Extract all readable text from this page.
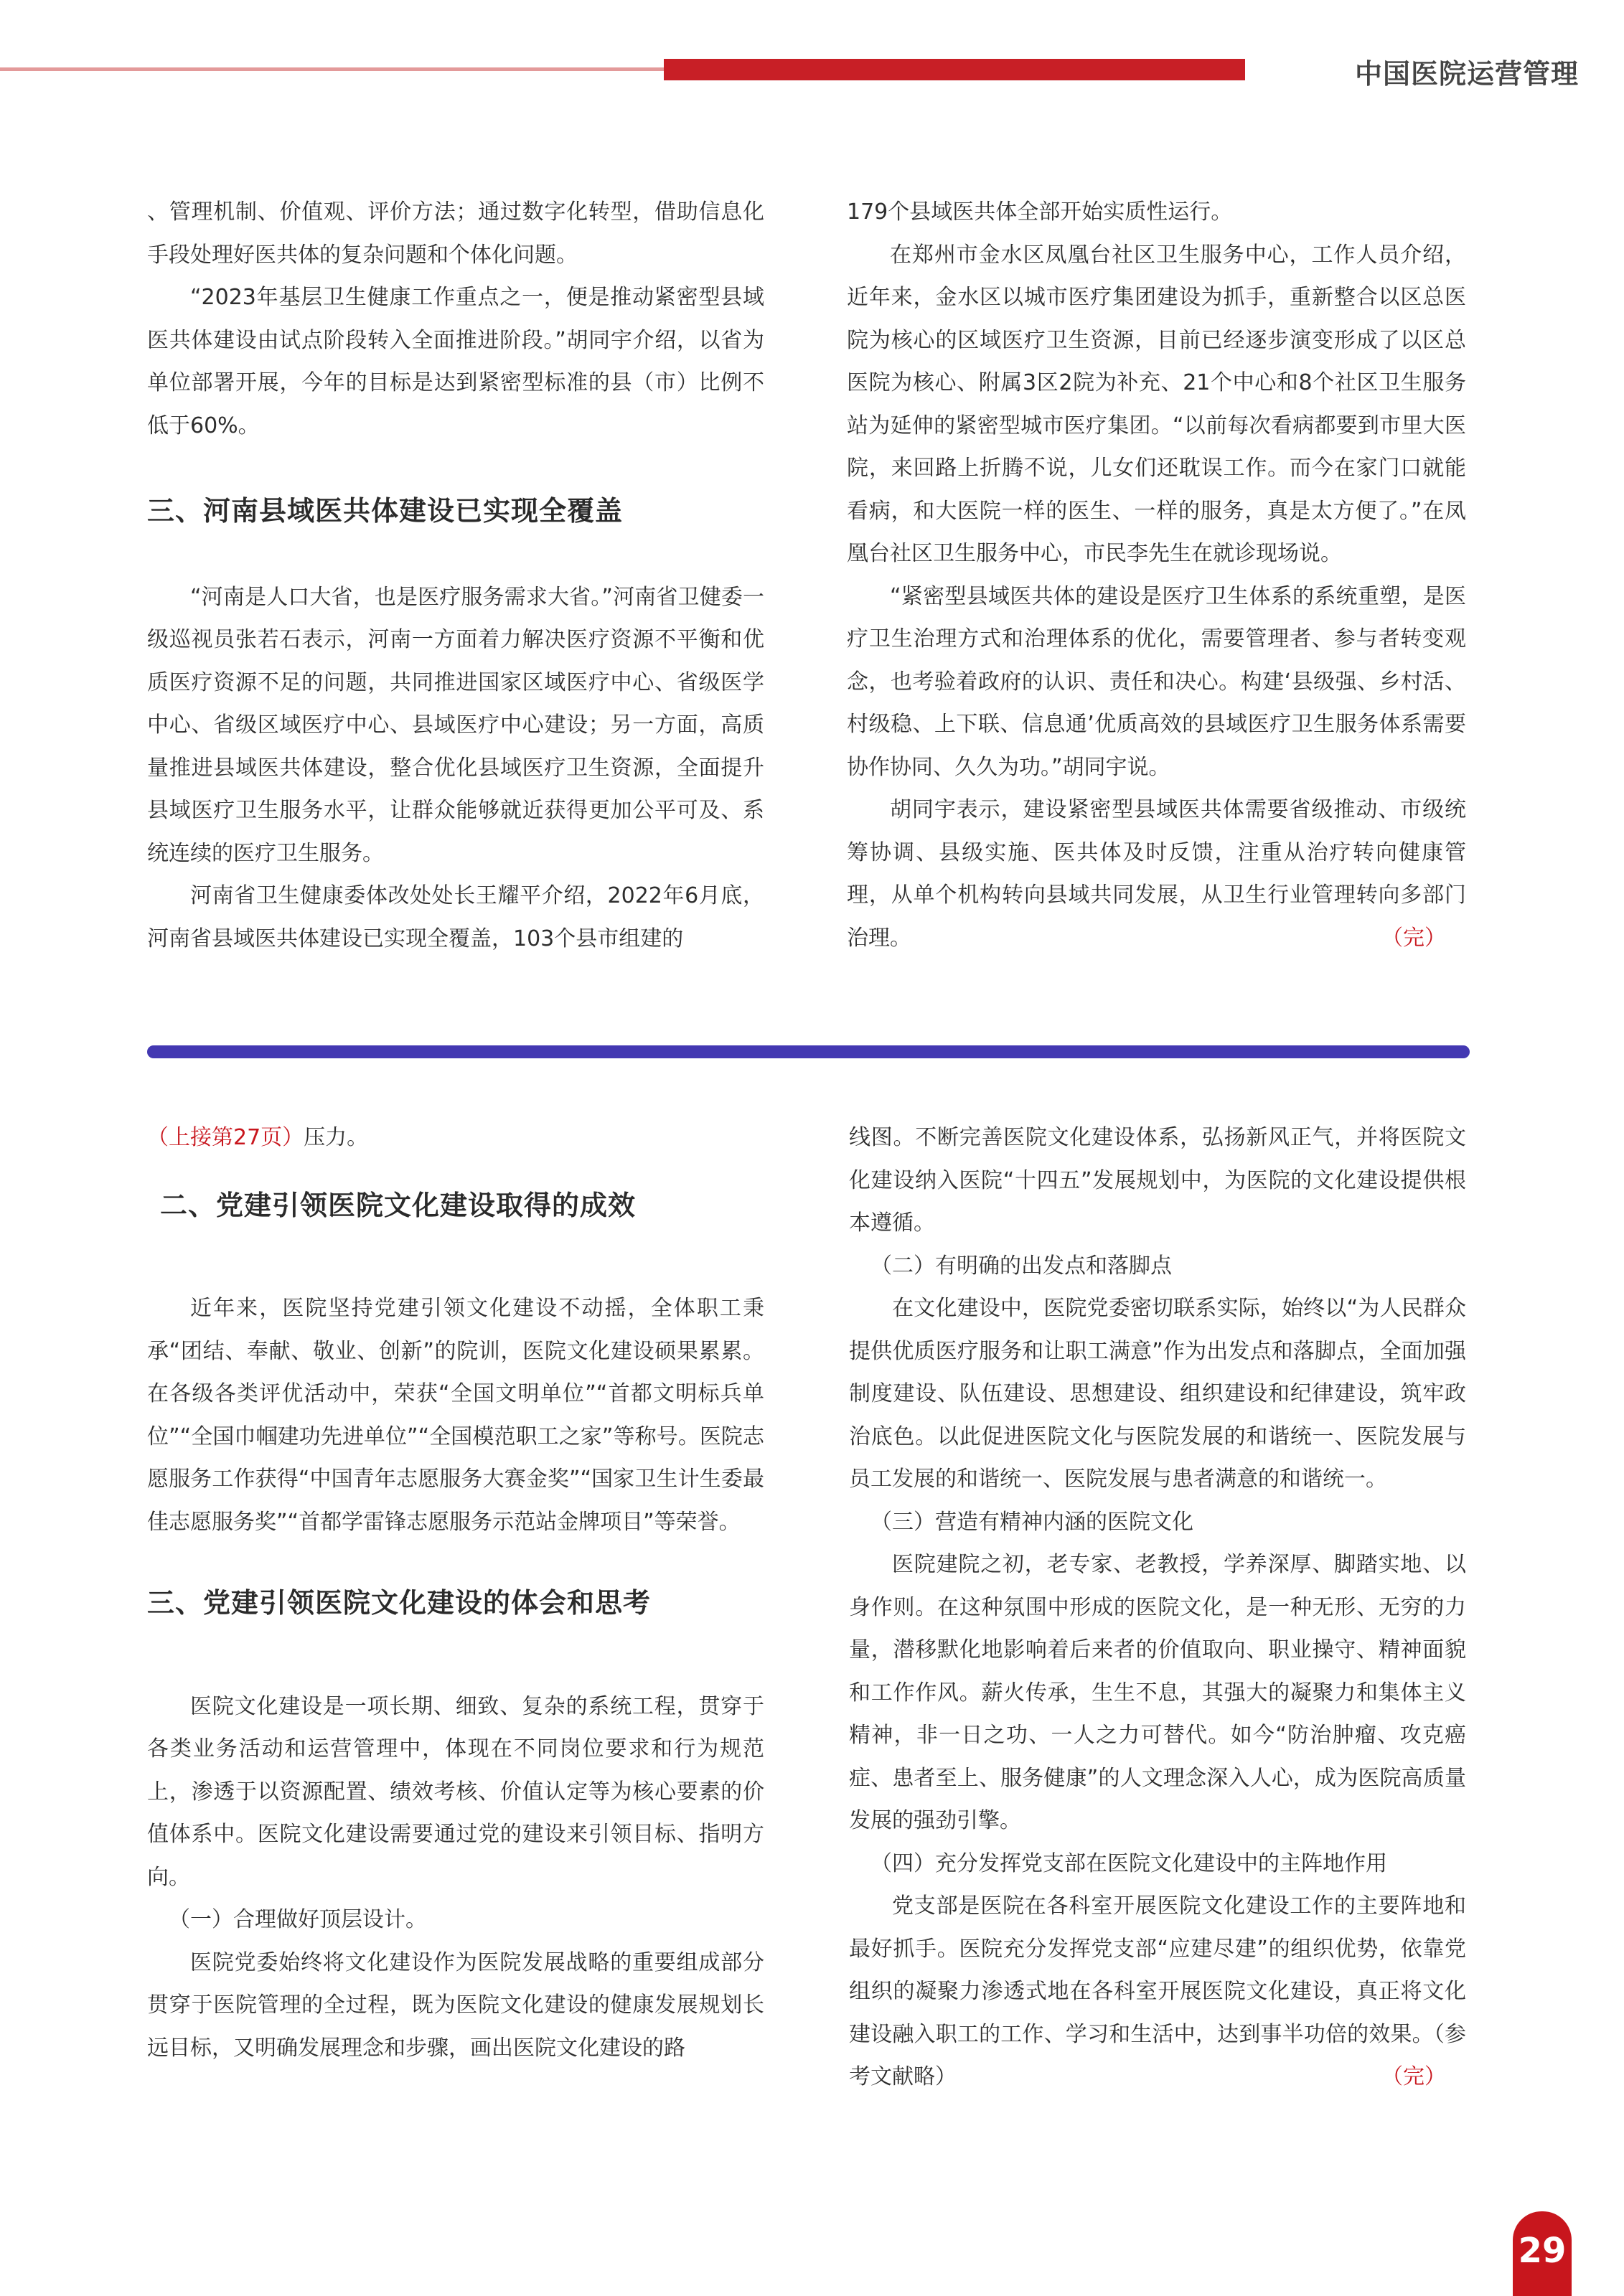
中国医院运营管理

、管理机制、价值观、评价方法；通过数字化转型，借助信息化手段处理好医共体的复杂问题和个体化问题。

“2023年基层卫生健康工作重点之一，便是推动紧密型县域医共体建设由试点阶段转入全面推进阶段。”胡同宇介绍，以省为单位部署开展，今年的目标是达到紧密型标准的县（市）比例不低于60%。

三、河南县域医共体建设已实现全覆盖

“河南是人口大省，也是医疗服务需求大省。”河南省卫健委一级巡视员张若石表示，河南一方面着力解决医疗资源不平衡和优质医疗资源不足的问题，共同推进国家区域医疗中心、省级医学中心、省级区域医疗中心、县域医疗中心建设；另一方面，高质量推进县域医共体建设，整合优化县域医疗卫生资源，全面提升县域医疗卫生服务水平，让群众能够就近获得更加公平可及、系统连续的医疗卫生服务。

河南省卫生健康委体改处处长王耀平介绍，2022年6月底，河南省县域医共体建设已实现全覆盖，103个县市组建的

179个县域医共体全部开始实质性运行。

在郑州市金水区凤凰台社区卫生服务中心，工作人员介绍，近年来，金水区以城市医疗集团建设为抓手，重新整合以区总医院为核心的区域医疗卫生资源，目前已经逐步演变形成了以区总医院为核心、附属3区2院为补充、21个中心和8个社区卫生服务站为延伸的紧密型城市医疗集团。“以前每次看病都要到市里大医院，来回路上折腾不说，儿女们还耽误工作。而今在家门口就能看病，和大医院一样的医生、一样的服务，真是太方便了。”在凤凰台社区卫生服务中心，市民李先生在就诊现场说。

“紧密型县域医共体的建设是医疗卫生体系的系统重塑，是医疗卫生治理方式和治理体系的优化，需要管理者、参与者转变观念，也考验着政府的认识、责任和决心。构建‘县级强、乡村活、村级稳、上下联、信息通’优质高效的县域医疗卫生服务体系需要协作协同、久久为功。”胡同宇说。

胡同宇表示，建设紧密型县域医共体需要省级推动、市级统筹协调、县级实施、医共体及时反馈，注重从治疗转向健康管理，从单个机构转向县域共同发展，从卫生行业管理转向多部门治理。	（完）

（上接第27页）压力。

二、党建引领医院文化建设取得的成效

近年来，医院坚持党建引领文化建设不动摇，全体职工秉承“团结、奉献、敬业、创新”的院训，医院文化建设硕果累累。在各级各类评优活动中，荣获“全国文明单位”“首都文明标兵单位”“全国巾帼建功先进单位”“全国模范职工之家”等称号。医院志愿服务工作获得“中国青年志愿服务大赛金奖”“国家卫生计生委最佳志愿服务奖”“首都学雷锋志愿服务示范站金牌项目”等荣誉。

三、党建引领医院文化建设的体会和思考

医院文化建设是一项长期、细致、复杂的系统工程，贯穿于各类业务活动和运营管理中，体现在不同岗位要求和行为规范上，渗透于以资源配置、绩效考核、价值认定等为核心要素的价值体系中。医院文化建设需要通过党的建设来引领目标、指明方向。

（一）合理做好顶层设计。

医院党委始终将文化建设作为医院发展战略的重要组成部分贯穿于医院管理的全过程，既为医院文化建设的健康发展规划长远目标，又明确发展理念和步骤，画出医院文化建设的路

线图。不断完善医院文化建设体系，弘扬新风正气，并将医院文化建设纳入医院“十四五”发展规划中，为医院的文化建设提供根本遵循。

（二）有明确的出发点和落脚点

在文化建设中，医院党委密切联系实际，始终以“为人民群众提供优质医疗服务和让职工满意”作为出发点和落脚点，全面加强制度建设、队伍建设、思想建设、组织建设和纪律建设，筑牢政治底色。以此促进医院文化与医院发展的和谐统一、医院发展与员工发展的和谐统一、医院发展与患者满意的和谐统一。

（三）营造有精神内涵的医院文化

医院建院之初，老专家、老教授，学养深厚、脚踏实地、以身作则。在这种氛围中形成的医院文化，是一种无形、无穷的力量，潜移默化地影响着后来者的价值取向、职业操守、精神面貌和工作作风。薪火传承，生生不息，其强大的凝聚力和集体主义精神，非一日之功、一人之力可替代。如今“防治肿瘤、攻克癌症、患者至上、服务健康”的人文理念深入人心，成为医院高质量发展的强劲引擎。

（四）充分发挥党支部在医院文化建设中的主阵地作用

党支部是医院在各科室开展医院文化建设工作的主要阵地和最好抓手。医院充分发挥党支部“应建尽建”的组织优势，依靠党组织的凝聚力渗透式地在各科室开展医院文化建设，真正将文化建设融入职工的工作、学习和生活中，达到事半功倍的效果。（参考文献略）	（完）

29
